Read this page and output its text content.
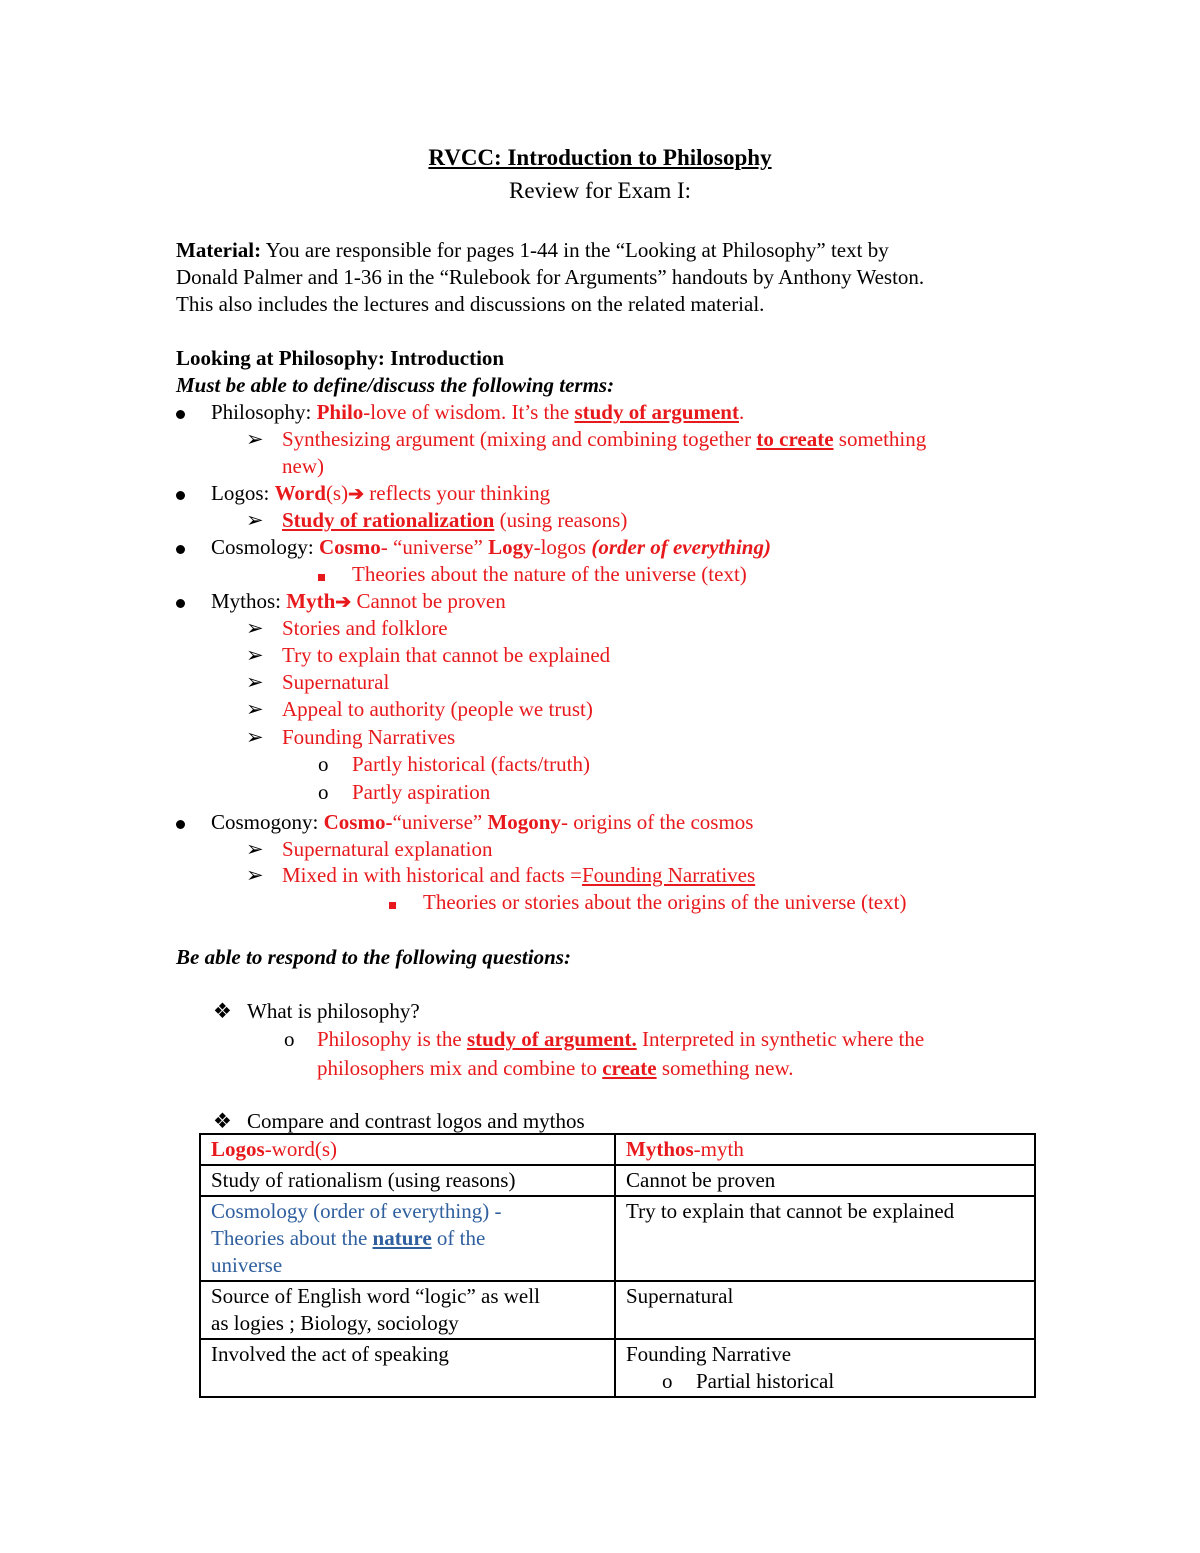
RVCC: Introduction to Philosophy
Review for Exam I:
Material: You are responsible for pages 1-44 in the “Looking at Philosophy” text by
Donald Palmer and 1-36 in the “Rulebook for Arguments” handouts by Anthony Weston.
This also includes the lectures and discussions on the related material.
Looking at Philosophy: Introduction
Must be able to define/discuss the following terms:
Philosophy: Philo-love of wisdom. It’s the study of argument.
➢ Synthesizing argument (mixing and combining together to create something
new)
Logos: Word(s)➔ reflects your thinking
➢ Study of rationalization (using reasons)
Cosmology: Cosmo- “universe” Logy-logos (order of everything)
Theories about the nature of the universe (text)
Mythos: Myth➔ Cannot be proven
➢ Stories and folklore
➢ Try to explain that cannot be explained
➢ Supernatural
➢ Appeal to authority (people we trust)
➢ Founding Narratives
o Partly historical (facts/truth)
o Partly aspiration
Cosmogony: Cosmo-“universe” Mogony- origins of the cosmos
➢ Supernatural explanation
➢ Mixed in with historical and facts =Founding Narratives
Theories or stories about the origins of the universe (text)
Be able to respond to the following questions:
❖ What is philosophy?
o Philosophy is the study of argument. Interpreted in synthetic where the
philosophers mix and combine to create something new.
❖ Compare and contrast logos and mythos
Logos-word(s)	Mythos-myth
Study of rationalism (using reasons)	Cannot be proven

Cosmology (order of everything) -
Theories about the nature of the
universe	Try to explain that cannot be explained

Source of English word “logic” as well
as logies ; Biology, sociology	Supernatural
Involved the act of speaking	Founding Narrative
o Partial historical
